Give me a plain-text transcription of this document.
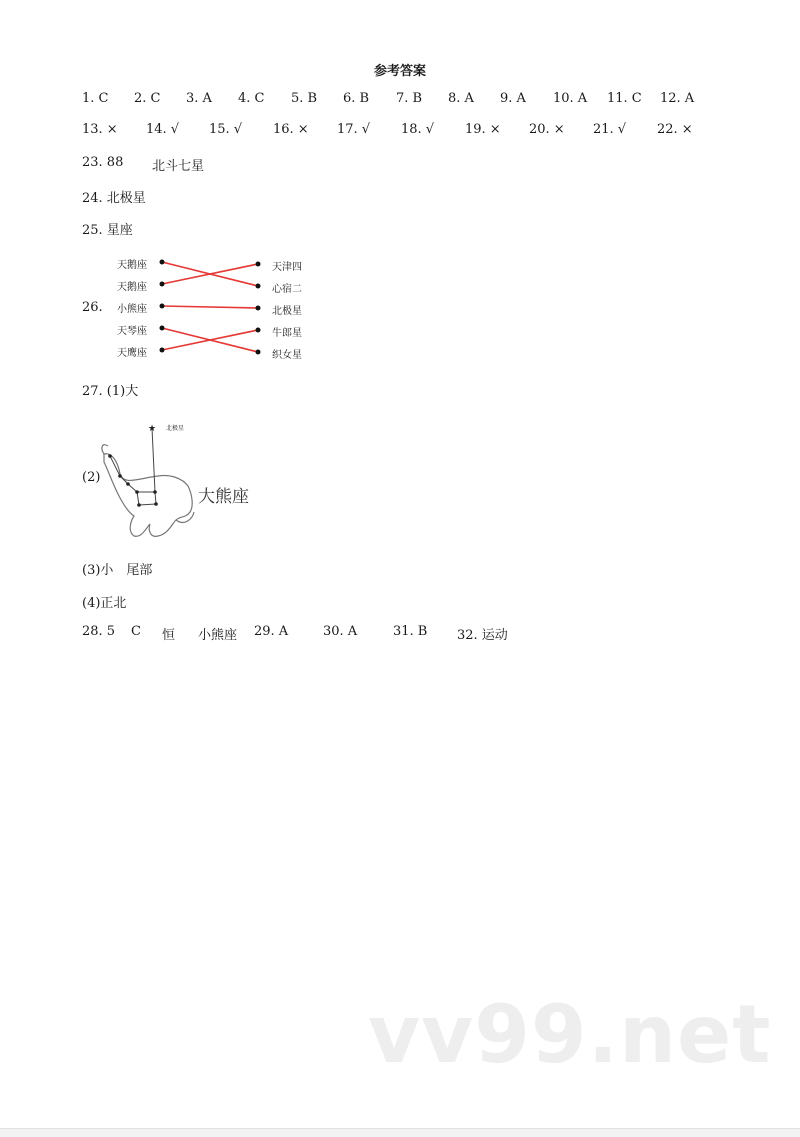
参考答案
1. C 2. C 3. A 4. C 5. B 6. B 7. B 8. A 9. A 10. A 11. C 12. A
13. × 14. √ 15. √ 16. × 17. √ 18. √ 19. × 20. × 21. √ 22. ×
23. 88 北斗七星
24. 北极星
25. 星座
26.
天鹅座
天鹅座
小熊座
天琴座
天鹰座
天津四
心宿二
北极星
牛郎星
织女星
★
27. (1)大
(2)
北极星
大熊座
(3)小　尾部
(4)正北
28. 5 C 恒 小熊座 29. A	30. A	31. B 32. 运动
vv99.net
